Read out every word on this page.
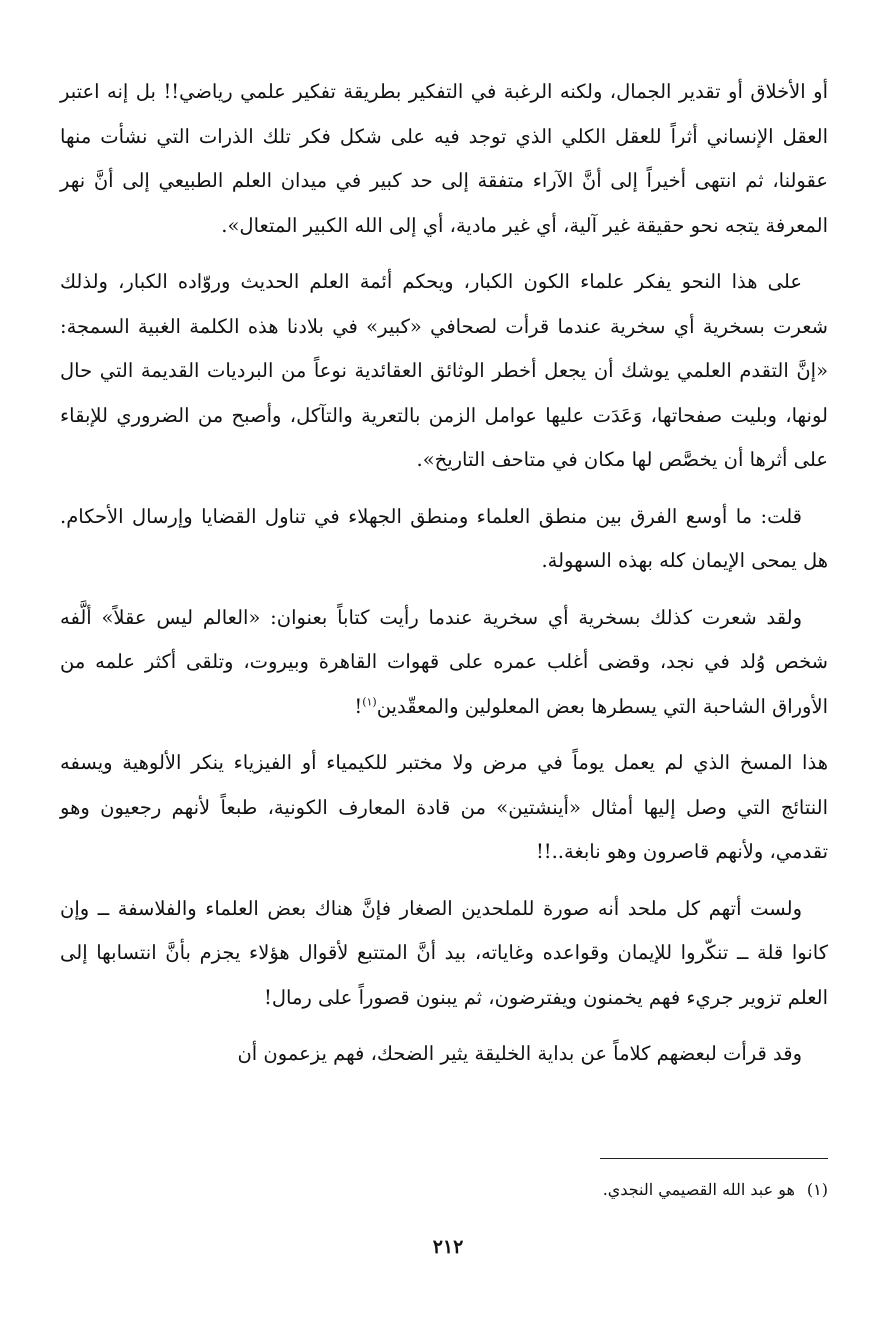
أو الأخلاق أو تقدير الجمال، ولكنه الرغبة في التفكير بطريقة تفكير علمي رياضي!! بل إنه اعتبر العقل الإنساني أثراً للعقل الكلي الذي توجد فيه على شكل فكر تلك الذرات التي نشأت منها عقولنا، ثم انتهى أخيراً إلى أنَّ الآراء متفقة إلى حد كبير في ميدان العلم الطبيعي إلى أنَّ نهر المعرفة يتجه نحو حقيقة غير آلية، أي غير مادية، أي إلى الله الكبير المتعال».

على هذا النحو يفكر علماء الكون الكبار، ويحكم أئمة العلم الحديث وروّاده الكبار، ولذلك شعرت بسخرية أي سخرية عندما قرأت لصحافي «كبير» في بلادنا هذه الكلمة الغبية السمجة: «إنَّ التقدم العلمي يوشك أن يجعل أخطر الوثائق العقائدية نوعاً من البرديات القديمة التي حال لونها، وبليت صفحاتها، وَعَدَت عليها عوامل الزمن بالتعرية والتآكل، وأصبح من الضروري للإبقاء على أثرها أن يخصَّص لها مكان في متاحف التاريخ».

قلت: ما أوسع الفرق بين منطق العلماء ومنطق الجهلاء في تناول القضايا وإرسال الأحكام. هل يمحى الإيمان كله بهذه السهولة.

ولقد شعرت كذلك بسخرية أي سخرية عندما رأيت كتاباً بعنوان: «العالم ليس عقلاً» ألَّفه شخص وُلد في نجد، وقضى أغلب عمره على قهوات القاهرة وبيروت، وتلقى أكثر علمه من الأوراق الشاحبة التي يسطرها بعض المعلولين والمعقّدين$^{(١)}$!

هذا المسخ الذي لم يعمل يوماً في مرض ولا مختبر للكيمياء أو الفيزياء ينكر الألوهية ويسفه النتائج التي وصل إليها أمثال «أينشتين» من قادة المعارف الكونية، طبعاً لأنهم رجعيون وهو تقدمي، ولأنهم قاصرون وهو نابغة..!!

ولست أتهم كل ملحد أنه صورة للملحدين الصغار فإنَّ هناك بعض العلماء والفلاسفة ــ وإن كانوا قلة ــ تنكّروا للإيمان وقواعده وغاياته، بيد أنَّ المتتبع لأقوال هؤلاء يجزم بأنَّ انتسابها إلى العلم تزوير جريء فهم يخمنون ويفترضون، ثم يبنون قصوراً على رمال!

وقد قرأت لبعضهم كلاماً عن بداية الخليقة يثير الضحك، فهم يزعمون أن

(١)هو عبد الله القصيمي النجدي.
٢١٢
